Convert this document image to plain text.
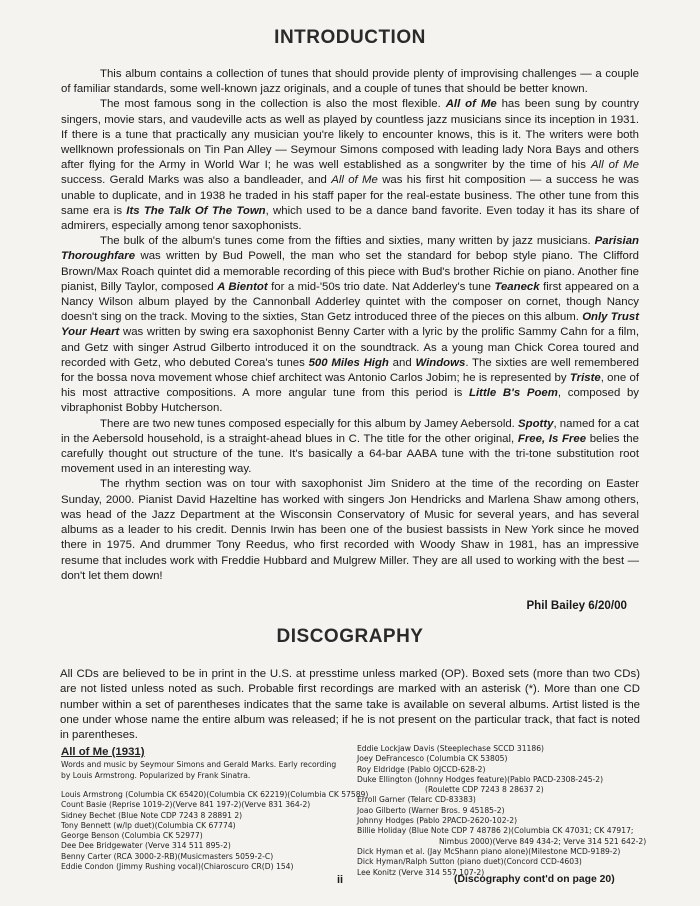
INTRODUCTION

This album contains a collection of tunes that should provide plenty of improvising challenges — a couple of familiar standards, some well-known jazz originals, and a couple of tunes that should be better known.

The most famous song in the collection is also the most flexible. All of Me has been sung by country singers, movie stars, and vaudeville acts as well as played by countless jazz musicians since its inception in 1931. If there is a tune that practically any musician you're likely to encounter knows, this is it. The writers were both wellknown professionals on Tin Pan Alley — Seymour Simons composed with leading lady Nora Bays and others after flying for the Army in World War I; he was well established as a songwriter by the time of his All of Me success. Gerald Marks was also a bandleader, and All of Me was his first hit composition — a success he was unable to duplicate, and in 1938 he traded in his staff paper for the real-estate business. The other tune from this same era is Its The Talk Of The Town, which used to be a dance band favorite. Even today it has its share of admirers, especially among tenor saxophonists.

The bulk of the album's tunes come from the fifties and sixties, many written by jazz musicians. Parisian Thoroughfare was written by Bud Powell, the man who set the standard for bebop style piano. The Clifford Brown/Max Roach quintet did a memorable recording of this piece with Bud's brother Richie on piano. Another fine pianist, Billy Taylor, composed A Bientot for a mid-'50s trio date. Nat Adderley's tune Teaneck first appeared on a Nancy Wilson album played by the Cannonball Adderley quintet with the composer on cornet, though Nancy doesn't sing on the track. Moving to the sixties, Stan Getz introduced three of the pieces on this album. Only Trust Your Heart was written by swing era saxophonist Benny Carter with a lyric by the prolific Sammy Cahn for a film, and Getz with singer Astrud Gilberto introduced it on the soundtrack. As a young man Chick Corea toured and recorded with Getz, who debuted Corea's tunes 500 Miles High and Windows. The sixties are well remembered for the bossa nova movement whose chief architect was Antonio Carlos Jobim; he is represented by Triste, one of his most attractive compositions. A more angular tune from this period is Little B's Poem, composed by vibraphonist Bobby Hutcherson.

There are two new tunes composed especially for this album by Jamey Aebersold. Spotty, named for a cat in the Aebersold household, is a straight-ahead blues in C. The title for the other original, Free, Is Free belies the carefully thought out structure of the tune. It's basically a 64-bar AABA tune with the tri-tone substitution root movement used in an interesting way.

The rhythm section was on tour with saxophonist Jim Snidero at the time of the recording on Easter Sunday, 2000. Pianist David Hazeltine has worked with singers Jon Hendricks and Marlena Shaw among others, was head of the Jazz Department at the Wisconsin Conservatory of Music for several years, and has several albums as a leader to his credit. Dennis Irwin has been one of the busiest bassists in New York since he moved there in 1975. And drummer Tony Reedus, who first recorded with Woody Shaw in 1981, has an impressive resume that includes work with Freddie Hubbard and Mulgrew Miller. They are all used to working with the best — don't let them down!

Phil Bailey 6/20/00
DISCOGRAPHY

All CDs are believed to be in print in the U.S. at presstime unless marked (OP). Boxed sets (more than two CDs) are not listed unless noted as such. Probable first recordings are marked with an asterisk (*). More than one CD number within a set of parentheses indicates that the same take is available on several albums. Artist listed is the one under whose name the entire album was released; if he is not present on the particular track, that fact is noted in parentheses.

All of Me (1931)
Words and music by Seymour Simons and Gerald Marks. Early recording by Louis Armstrong. Popularized by Frank Sinatra.
Louis Armstrong (Columbia CK 65420)(Columbia CK 62219)(Columbia CK 57589)
Count Basie (Reprise 1019-2)(Verve 841 197-2)(Verve 831 364-2)
Sidney Bechet (Blue Note CDP 7243 8 28891 2)
Tony Bennett (w/lp duet)(Columbia CK 67774)
George Benson (Columbia CK 52977)
Dee Dee Bridgewater (Verve 314 511 895-2)
Benny Carter (RCA 3000-2-RB)(Musicmasters 5059-2-C)
Eddie Condon (Jimmy Rushing vocal)(Chiaroscuro CR(D) 154)
Eddie Lockjaw Davis (Steeplechase SCCD 31186)
Joey DeFrancesco (Columbia CK 53805)
Roy Eldridge (Pablo OJCCD-628-2)
Duke Ellington (Johnny Hodges feature)(Pablo PACD-2308-245-2)
(Roulette CDP 7243 8 28637 2)
Erroll Garner (Telarc CD-83383)
Joao Gilberto (Warner Bros. 9 45185-2)
Johnny Hodges (Pablo 2PACD-2620-102-2)
Billie Holiday (Blue Note CDP 7 48786 2)(Columbia CK 47031; CK 47917;
Nimbus 2000)(Verve 849 434-2; Verve 314 521 642-2)
Dick Hyman et al. (Jay McShann piano alone)(Milestone MCD-9189-2)
Dick Hyman/Ralph Sutton (piano duet)(Concord CCD-4603)
Lee Konitz (Verve 314 557 107-2)
ii	(Discography cont'd on page 20)
